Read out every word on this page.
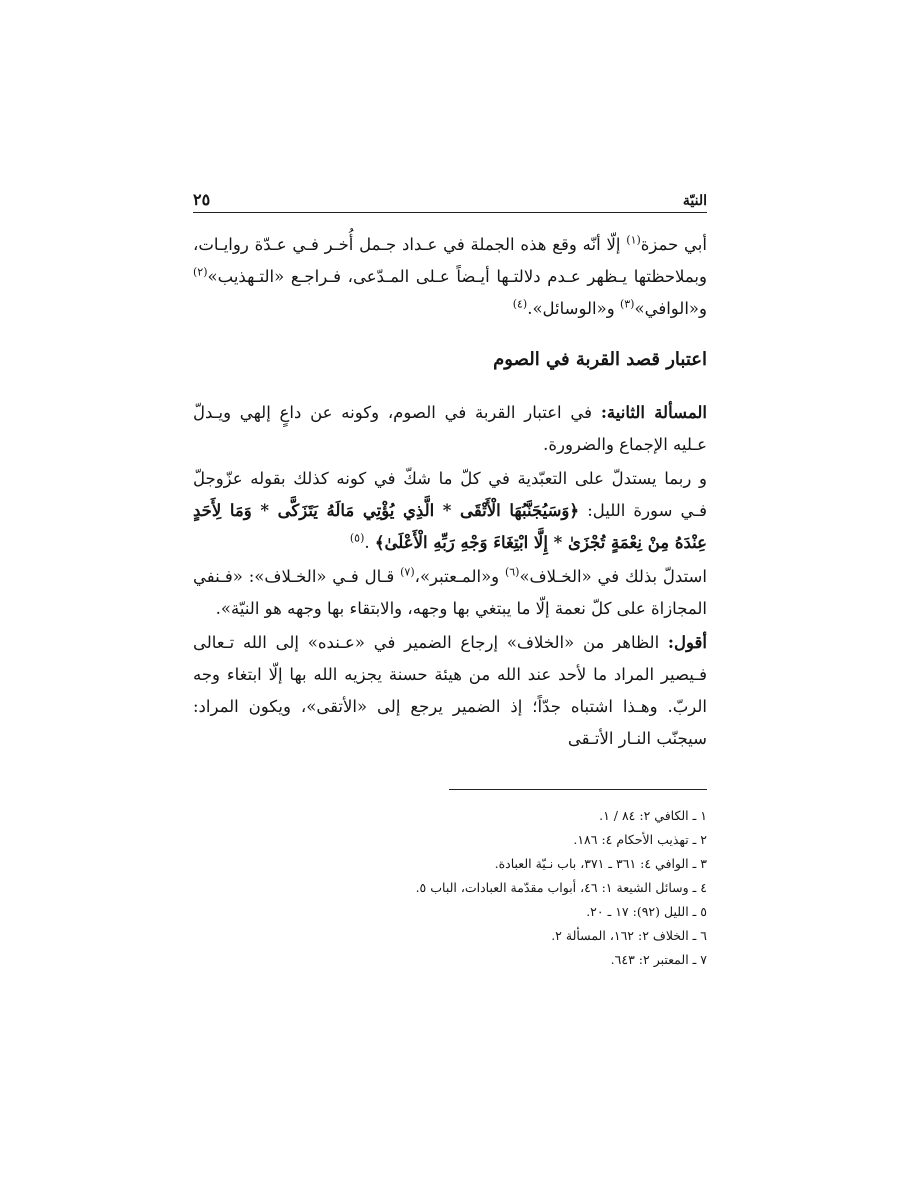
النيّة
٢٥

أبي حمزة$^{(١)}$ إلّا أنّه وقع هذه الجملة في عـداد جـمل أُخـر فـي عـدّة روايـات، وبملاحظتها يـظهر عـدم دلالتـها أيـضاً عـلى المـدّعى، فـراجـع «التـهذيب»$^{(٢)}$ و«الوافي»$^{(٣)}$ و«الوسائل».$^{(٤)}$

اعتبار قصد القربة في الصوم

المسألة الثانية: في اعتبار القربة في الصوم، وكونه عن داعٍ إلهي ويـدلّ عـليه الإجماع والضرورة.

و ربما يستدلّ على التعبّدية في كلّ ما شكّ في كونه كذلك بقوله عزّوجلّ فـي سورة الليل: ﴿وَسَيُجَنَّبُهَا الْأَتْقَى * الَّذِي يُؤْتِي مَالَهُ يَتَزَكَّى * وَمَا لِأَحَدٍ عِنْدَهُ مِنْ نِعْمَةٍ تُجْزَىٰ * إِلَّا ابْتِغَاءَ وَجْهِ رَبِّهِ الْأَعْلَىٰ﴾ .$^{(٥)}$

استدلّ بذلك في «الخـلاف»$^{(٦)}$ و«المـعتبر»،$^{(٧)}$ قـال فـي «الخـلاف»: «فـنفي المجازاة على كلّ نعمة إلّا ما يبتغي بها وجهه، والابتقاء بها وجهه هو النيّة».

أقول: الظاهر من «الخلاف» إرجاع الضمير في «عـنده» إلى الله تـعالى فـيصير المراد ما لأحد عند الله من هيئة حسنة يجزيه الله بها إلّا ابتغاء وجه الربّ. وهـذا اشتباه جدّاً؛ إذ الضمير يرجع إلى «الأتقى»، ويكون المراد: سيجنّب النـار الأتـقى

١ ـ الكافي ٢: ٨٤ / ١.
٢ ـ تهذيب الأحكام ٤: ١٨٦.
٣ ـ الوافي ٤: ٣٦١ ـ ٣٧١، باب نـيّة العبادة.
٤ ـ وسائل الشيعة ١: ٤٦، أبواب مقدّمة العبادات، الباب ٥.
٥ ـ الليل (٩٢): ١٧ ـ ٢٠.
٦ ـ الخلاف ٢: ١٦٢، المسألة ٢.
٧ ـ المعتبر ٢: ٦٤٣.
